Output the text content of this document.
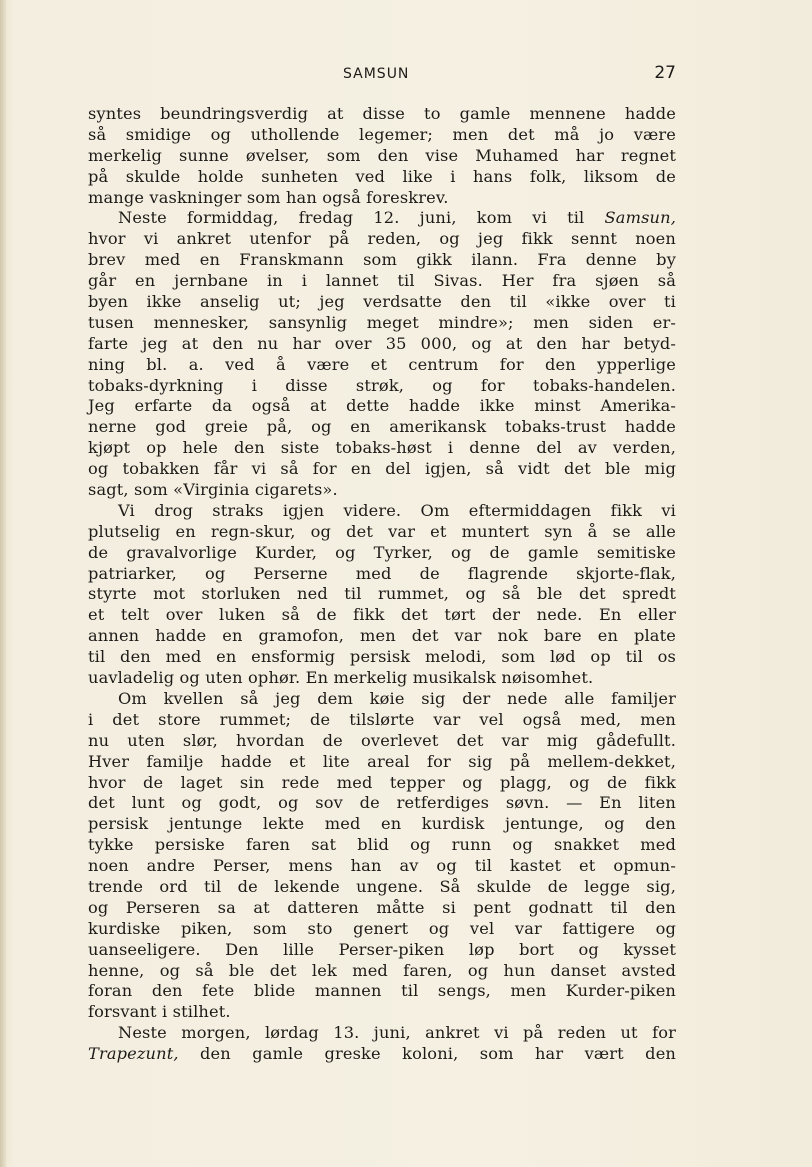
SAMSUN	27
syntes beundringsverdig at disse to gamle mennene hadde
så smidige og uthollende legemer; men det må jo være
merkelig sunne øvelser, som den vise Muhamed har regnet
på skulde holde sunheten ved like i hans folk, liksom de
mange vaskninger som han også foreskrev.
Neste formiddag, fredag 12. juni, kom vi til Samsun,
hvor vi ankret utenfor på reden, og jeg fikk sennt noen
brev med en Franskmann som gikk ilann. Fra denne by
går en jernbane in i lannet til Sivas. Her fra sjøen så
byen ikke anselig ut; jeg verdsatte den til «ikke over ti
tusen mennesker, sansynlig meget mindre»; men siden er-
farte jeg at den nu har over 35 000, og at den har betyd-
ning bl. a. ved å være et centrum for den ypperlige
tobaks-dyrkning i disse strøk, og for tobaks-handelen.
Jeg erfarte da også at dette hadde ikke minst Amerika-
nerne god greie på, og en amerikansk tobaks-trust hadde
kjøpt op hele den siste tobaks-høst i denne del av verden,
og tobakken får vi så for en del igjen, så vidt det ble mig
sagt, som «Virginia cigarets».
Vi drog straks igjen videre. Om eftermiddagen fikk vi
plutselig en regn-skur, og det var et muntert syn å se alle
de gravalvorlige Kurder, og Tyrker, og de gamle semitiske
patriarker, og Perserne med de flagrende skjorte-flak,
styrte mot storluken ned til rummet, og så ble det spredt
et telt over luken så de fikk det tørt der nede. En eller
annen hadde en gramofon, men det var nok bare en plate
til den med en ensformig persisk melodi, som lød op til os
uavladelig og uten ophør. En merkelig musikalsk nøisomhet.
Om kvellen så jeg dem køie sig der nede alle familjer
i det store rummet; de tilslørte var vel også med, men
nu uten slør, hvordan de overlevet det var mig gådefullt.
Hver familje hadde et lite areal for sig på mellem-dekket,
hvor de laget sin rede med tepper og plagg, og de fikk
det lunt og godt, og sov de retferdiges søvn. — En liten
persisk jentunge lekte med en kurdisk jentunge, og den
tykke persiske faren sat blid og runn og snakket med
noen andre Perser, mens han av og til kastet et opmun-
trende ord til de lekende ungene. Så skulde de legge sig,
og Perseren sa at datteren måtte si pent godnatt til den
kurdiske piken, som sto genert og vel var fattigere og
uanseeligere. Den lille Perser-piken løp bort og kysset
henne, og så ble det lek med faren, og hun danset avsted
foran den fete blide mannen til sengs, men Kurder-piken
forsvant i stilhet.
Neste morgen, lørdag 13. juni, ankret vi på reden ut for
Trapezunt, den gamle greske koloni, som har vært den
